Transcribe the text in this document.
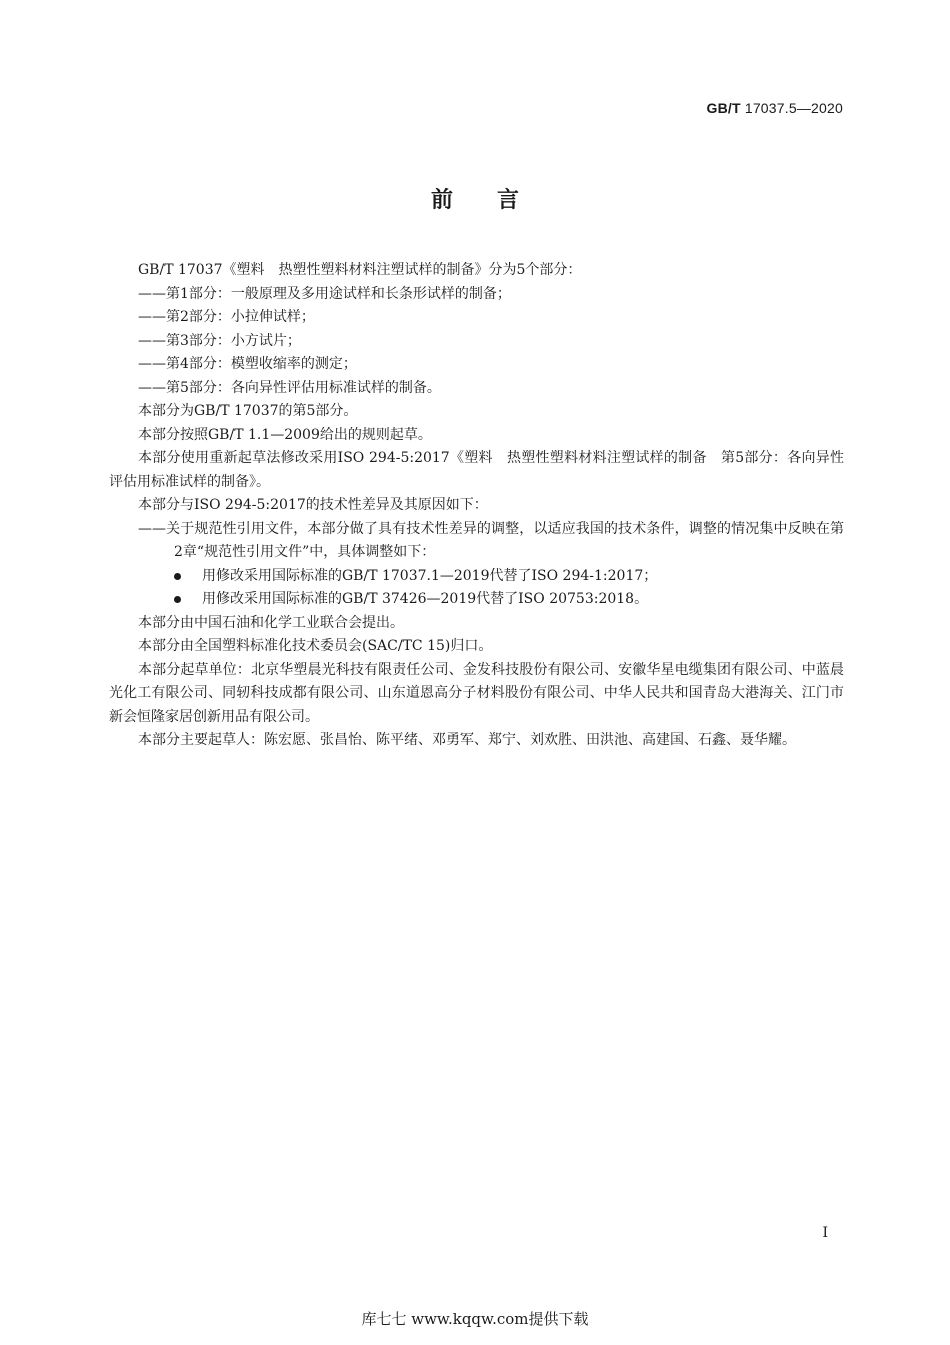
GB/T 17037.5—2020
前言

GB/T 17037《塑料　热塑性塑料材料注塑试样的制备》分为5个部分：

——第1部分：一般原理及多用途试样和长条形试样的制备；

——第2部分：小拉伸试样；

——第3部分：小方试片；

——第4部分：模塑收缩率的测定；

——第5部分：各向异性评估用标准试样的制备。

本部分为GB/T 17037的第5部分。

本部分按照GB/T 1.1—2009给出的规则起草。

本部分使用重新起草法修改采用ISO 294-5:2017《塑料　热塑性塑料材料注塑试样的制备　第5部分：各向异性评估用标准试样的制备》。

本部分与ISO 294-5:2017的技术性差异及其原因如下：

——关于规范性引用文件，本部分做了具有技术性差异的调整，以适应我国的技术条件，调整的情况集中反映在第2章“规范性引用文件”中，具体调整如下：

用修改采用国际标准的GB/T 17037.1—2019代替了ISO 294-1:2017；

用修改采用国际标准的GB/T 37426—2019代替了ISO 20753:2018。

本部分由中国石油和化学工业联合会提出。

本部分由全国塑料标准化技术委员会(SAC/TC 15)归口。

本部分起草单位：北京华塑晨光科技有限责任公司、金发科技股份有限公司、安徽华星电缆集团有限公司、中蓝晨光化工有限公司、同轫科技成都有限公司、山东道恩高分子材料股份有限公司、中华人民共和国青岛大港海关、江门市新会恒隆家居创新用品有限公司。

本部分主要起草人：陈宏愿、张昌怡、陈平绪、邓勇军、郑宁、刘欢胜、田洪池、高建国、石鑫、聂华耀。

I
库七七 www.kqqw.com提供下载
